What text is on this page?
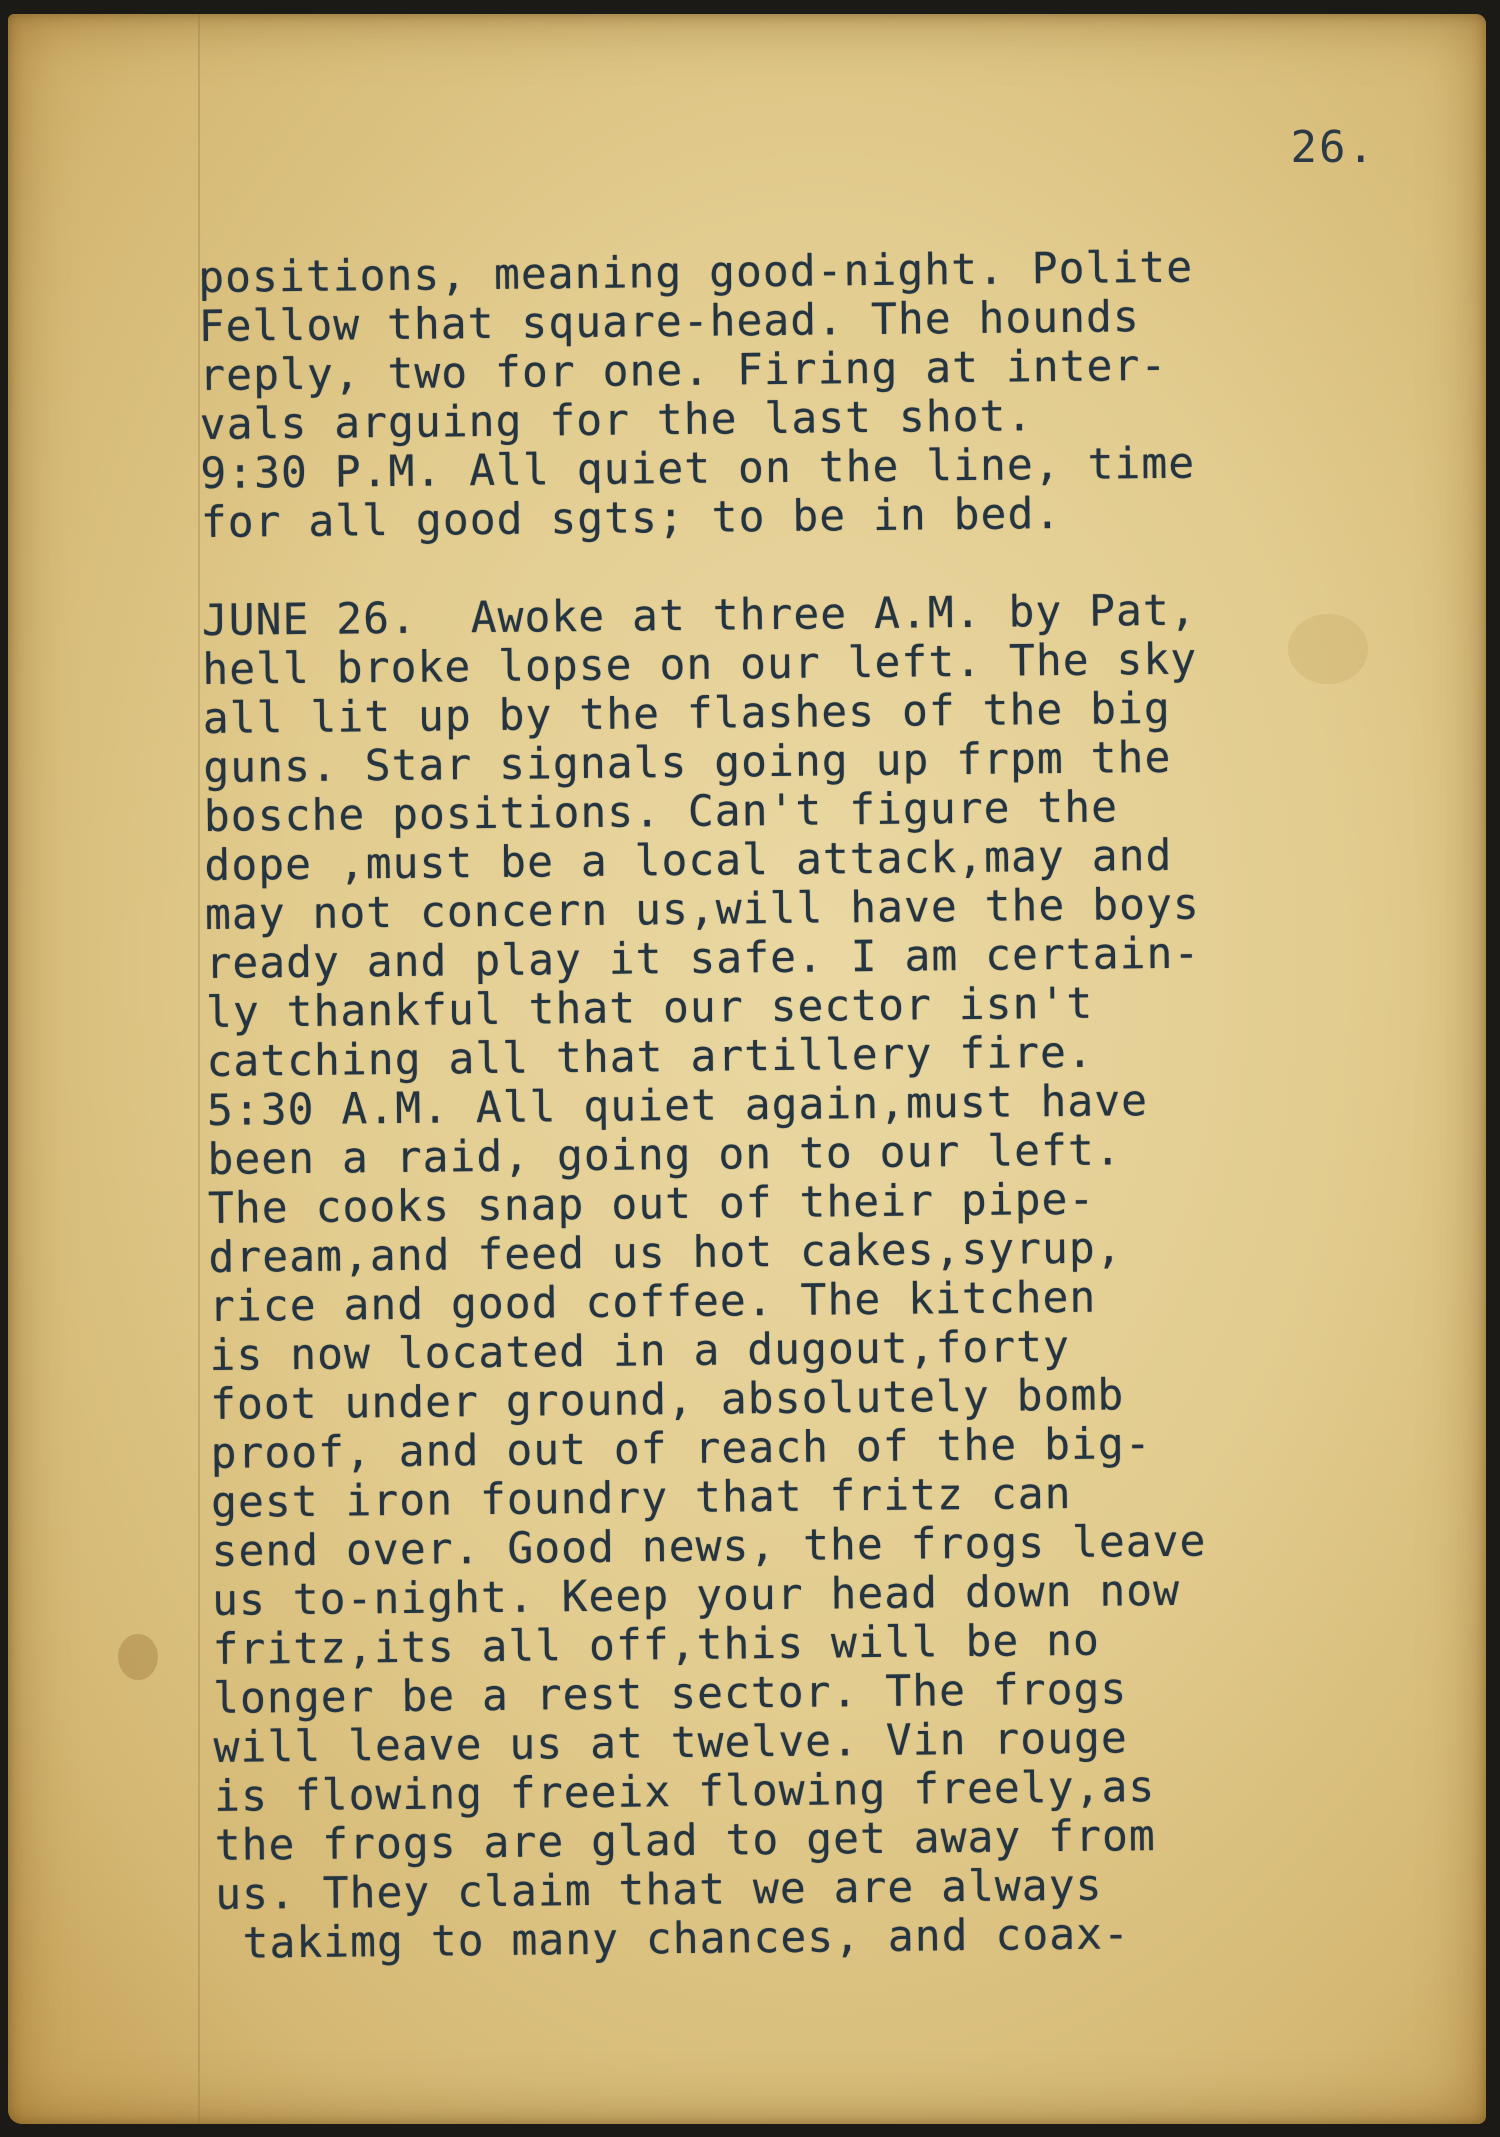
26.
positions, meaning good-night. Polite
Fellow that square-head. The hounds
reply, two for one. Firing at inter-
vals arguing for the last shot.
9:30 P.M. All quiet on the line, time
for all good sgts; to be in bed.
JUNE 26.  Awoke at three A.M. by Pat,
hell broke lopse on our left. The sky
all lit up by the flashes of the big
guns. Star signals going up frpm the
bosche positions. Can't figure the
dope ,must be a local attack,may and
may not concern us,will have the boys
ready and play it safe. I am certain-
ly thankful that our sector isn't
catching all that artillery fire.
5:30 A.M. All quiet again,must have
been a raid, going on to our left.
The cooks snap out of their pipe-
dream,and feed us hot cakes,syrup,
rice and good coffee. The kitchen
is now located in a dugout,forty
foot under ground, absolutely bomb
proof, and out of reach of the big-
gest iron foundry that fritz can
send over. Good news, the frogs leave
us to-night. Keep your head down now
fritz,its all off,this will be no
longer be a rest sector. The frogs
will leave us at twelve. Vin rouge
is flowing freeix flowing freely,as
the frogs are glad to get away from
us. They claim that we are always
takimg to many chances, and coax-
